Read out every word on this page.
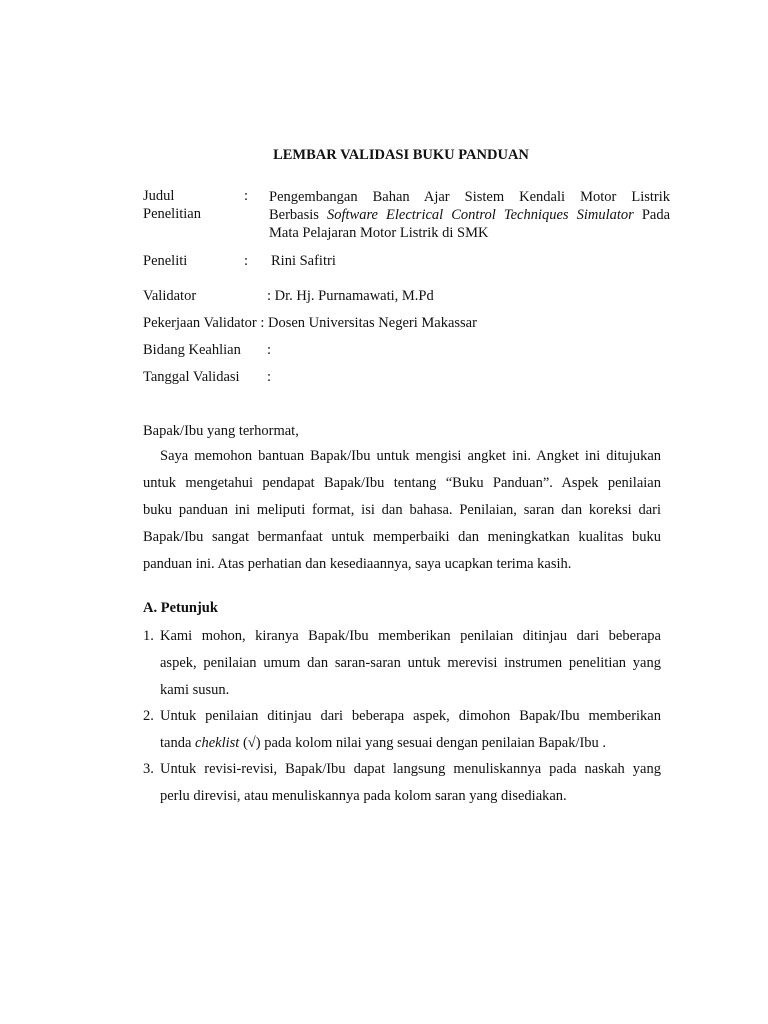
LEMBAR VALIDASI BUKU PANDUAN
Judul
Penelitian
: Pengembangan Bahan Ajar Sistem Kendali Motor Listrik
Berbasis Software Electrical Control Techniques Simulator Pada
Mata Pelajaran Motor Listrik di SMK
Peneliti	: Rini Safitri
Validator	: Dr. Hj. Purnamawati, M.Pd
Pekerjaan Validator : Dosen Universitas Negeri Makassar
Bidang Keahlian :
Tanggal Validasi :
Bapak/Ibu yang terhormat,
Saya memohon bantuan Bapak/Ibu untuk mengisi angket ini. Angket ini ditujukan
untuk mengetahui pendapat Bapak/Ibu tentang “Buku Panduan”. Aspek penilaian
buku panduan ini meliputi format, isi dan bahasa. Penilaian, saran dan koreksi dari
Bapak/Ibu sangat bermanfaat untuk memperbaiki dan meningkatkan kualitas buku
panduan ini. Atas perhatian dan kesediaannya, saya ucapkan terima kasih.
A. Petunjuk
1. Kami mohon, kiranya Bapak/Ibu memberikan penilaian ditinjau dari beberapa
aspek, penilaian umum dan saran-saran untuk merevisi instrumen penelitian yang
kami susun.
2. Untuk penilaian ditinjau dari beberapa aspek, dimohon Bapak/Ibu memberikan
tanda cheklist (√) pada kolom nilai yang sesuai dengan penilaian Bapak/Ibu .
3. Untuk revisi-revisi, Bapak/Ibu dapat langsung menuliskannya pada naskah yang
perlu direvisi, atau menuliskannya pada kolom saran yang disediakan.
